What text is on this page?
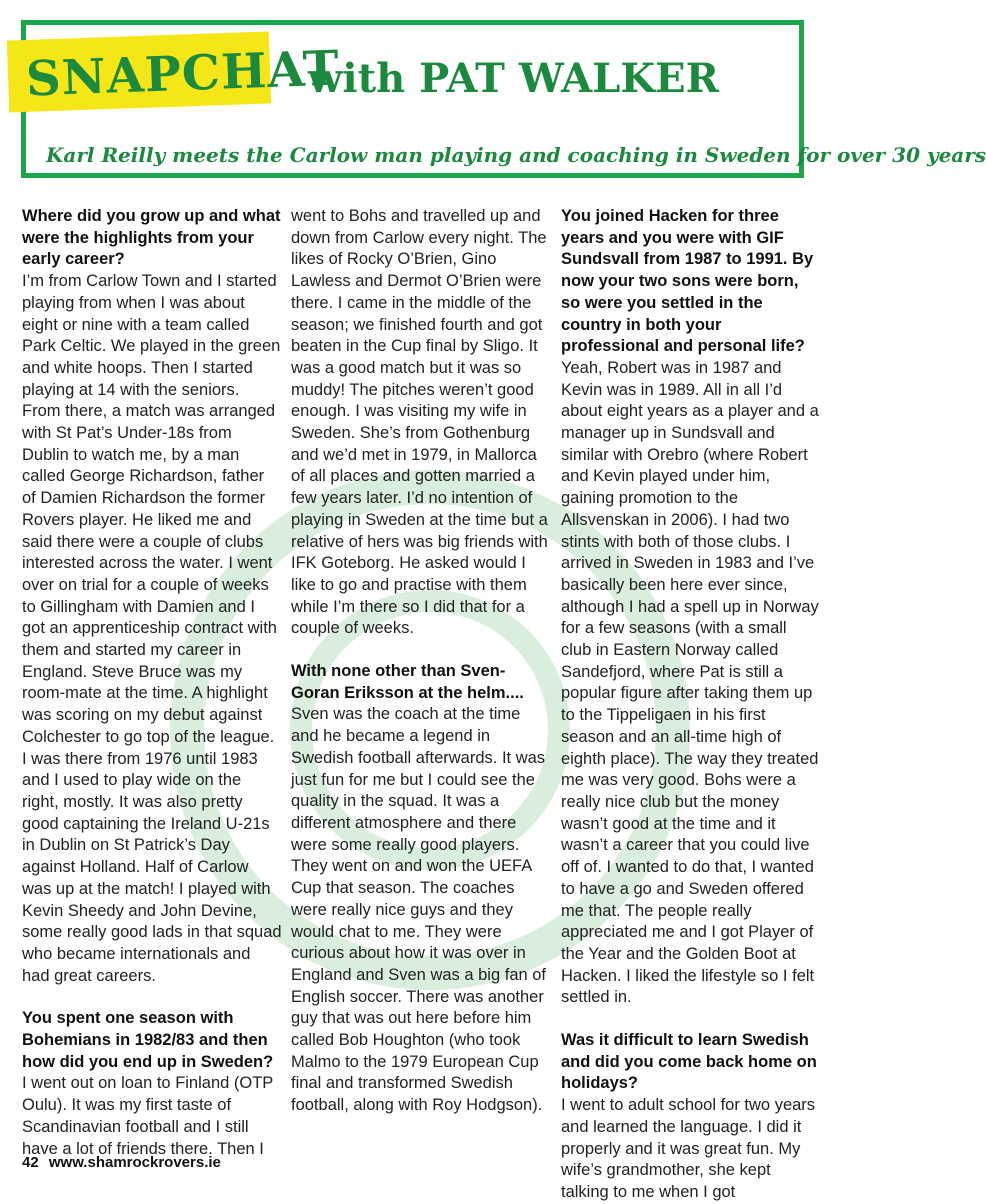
SNAPCHAT
with PAT WALKER
Karl Reilly meets the Carlow man playing and coaching in Sweden for over 30 years

Where did you grow up and what were the highlights from your early career?

I’m from Carlow Town and I started playing from when I was about eight or nine with a team called Park Celtic. We played in the green and white hoops. Then I started playing at 14 with the seniors. From there, a match was arranged with St Pat’s Under-18s from Dublin to watch me, by a man called George Richardson, father of Damien Richardson the former Rovers player. He liked me and said there were a couple of clubs interested across the water. I went over on trial for a couple of weeks to Gillingham with Damien and I got an apprenticeship contract with them and started my career in England. Steve Bruce was my room-mate at the time. A highlight was scoring on my debut against Colchester to go top of the league. I was there from 1976 until 1983 and I used to play wide on the right, mostly. It was also pretty good captaining the Ireland U-21s in Dublin on St Patrick’s Day against Holland. Half of Carlow was up at the match! I played with Kevin Sheedy and John Devine, some really good lads in that squad who became internationals and had great careers.

You spent one season with Bohemians in 1982/83 and then how did you end up in Sweden?

I went out on loan to Finland (OTP Oulu). It was my first taste of Scandinavian football and I still have a lot of friends there. Then I

went to Bohs and travelled up and down from Carlow every night. The likes of Rocky O’Brien, Gino Lawless and Dermot O’Brien were there. I came in the middle of the season; we finished fourth and got beaten in the Cup final by Sligo. It was a good match but it was so muddy! The pitches weren’t good enough. I was visiting my wife in Sweden. She’s from Gothenburg and we’d met in 1979, in Mallorca of all places and gotten married a few years later. I’d no intention of playing in Sweden at the time but a relative of hers was big friends with IFK Goteborg. He asked would I like to go and practise with them while I’m there so I did that for a couple of weeks.

With none other than Sven-Goran Eriksson at the helm....

Sven was the coach at the time and he became a legend in Swedish football afterwards. It was just fun for me but I could see the quality in the squad. It was a different atmosphere and there were some really good players. They went on and won the UEFA Cup that season. The coaches were really nice guys and they would chat to me. They were curious about how it was over in England and Sven was a big fan of English soccer. There was another guy that was out here before him called Bob Houghton (who took Malmo to the 1979 European Cup final and transformed Swedish football, along with Roy Hodgson).

You joined Hacken for three years and you were with GIF Sundsvall from 1987 to 1991. By now your two sons were born, so were you settled in the country in both your professional and personal life?

Yeah, Robert was in 1987 and Kevin was in 1989. All in all I’d about eight years as a player and a manager up in Sundsvall and similar with Orebro (where Robert and Kevin played under him, gaining promotion to the Allsvenskan in 2006). I had two stints with both of those clubs. I arrived in Sweden in 1983 and I’ve basically been here ever since, although I had a spell up in Norway for a few seasons (with a small club in Eastern Norway called Sandefjord, where Pat is still a popular figure after taking them up to the Tippeligaen in his first season and an all-time high of eighth place). The way they treated me was very good. Bohs were a really nice club but the money wasn’t good at the time and it wasn’t a career that you could live off of. I wanted to do that, I wanted to have a go and Sweden offered me that. The people really appreciated me and I got Player of the Year and the Golden Boot at Hacken. I liked the lifestyle so I felt settled in.

Was it difficult to learn Swedish and did you come back home on holidays?

I went to adult school for two years and learned the language. I did it properly and it was great fun. My wife’s grandmother, she kept talking to me when I got

42 www.shamrockrovers.ie
